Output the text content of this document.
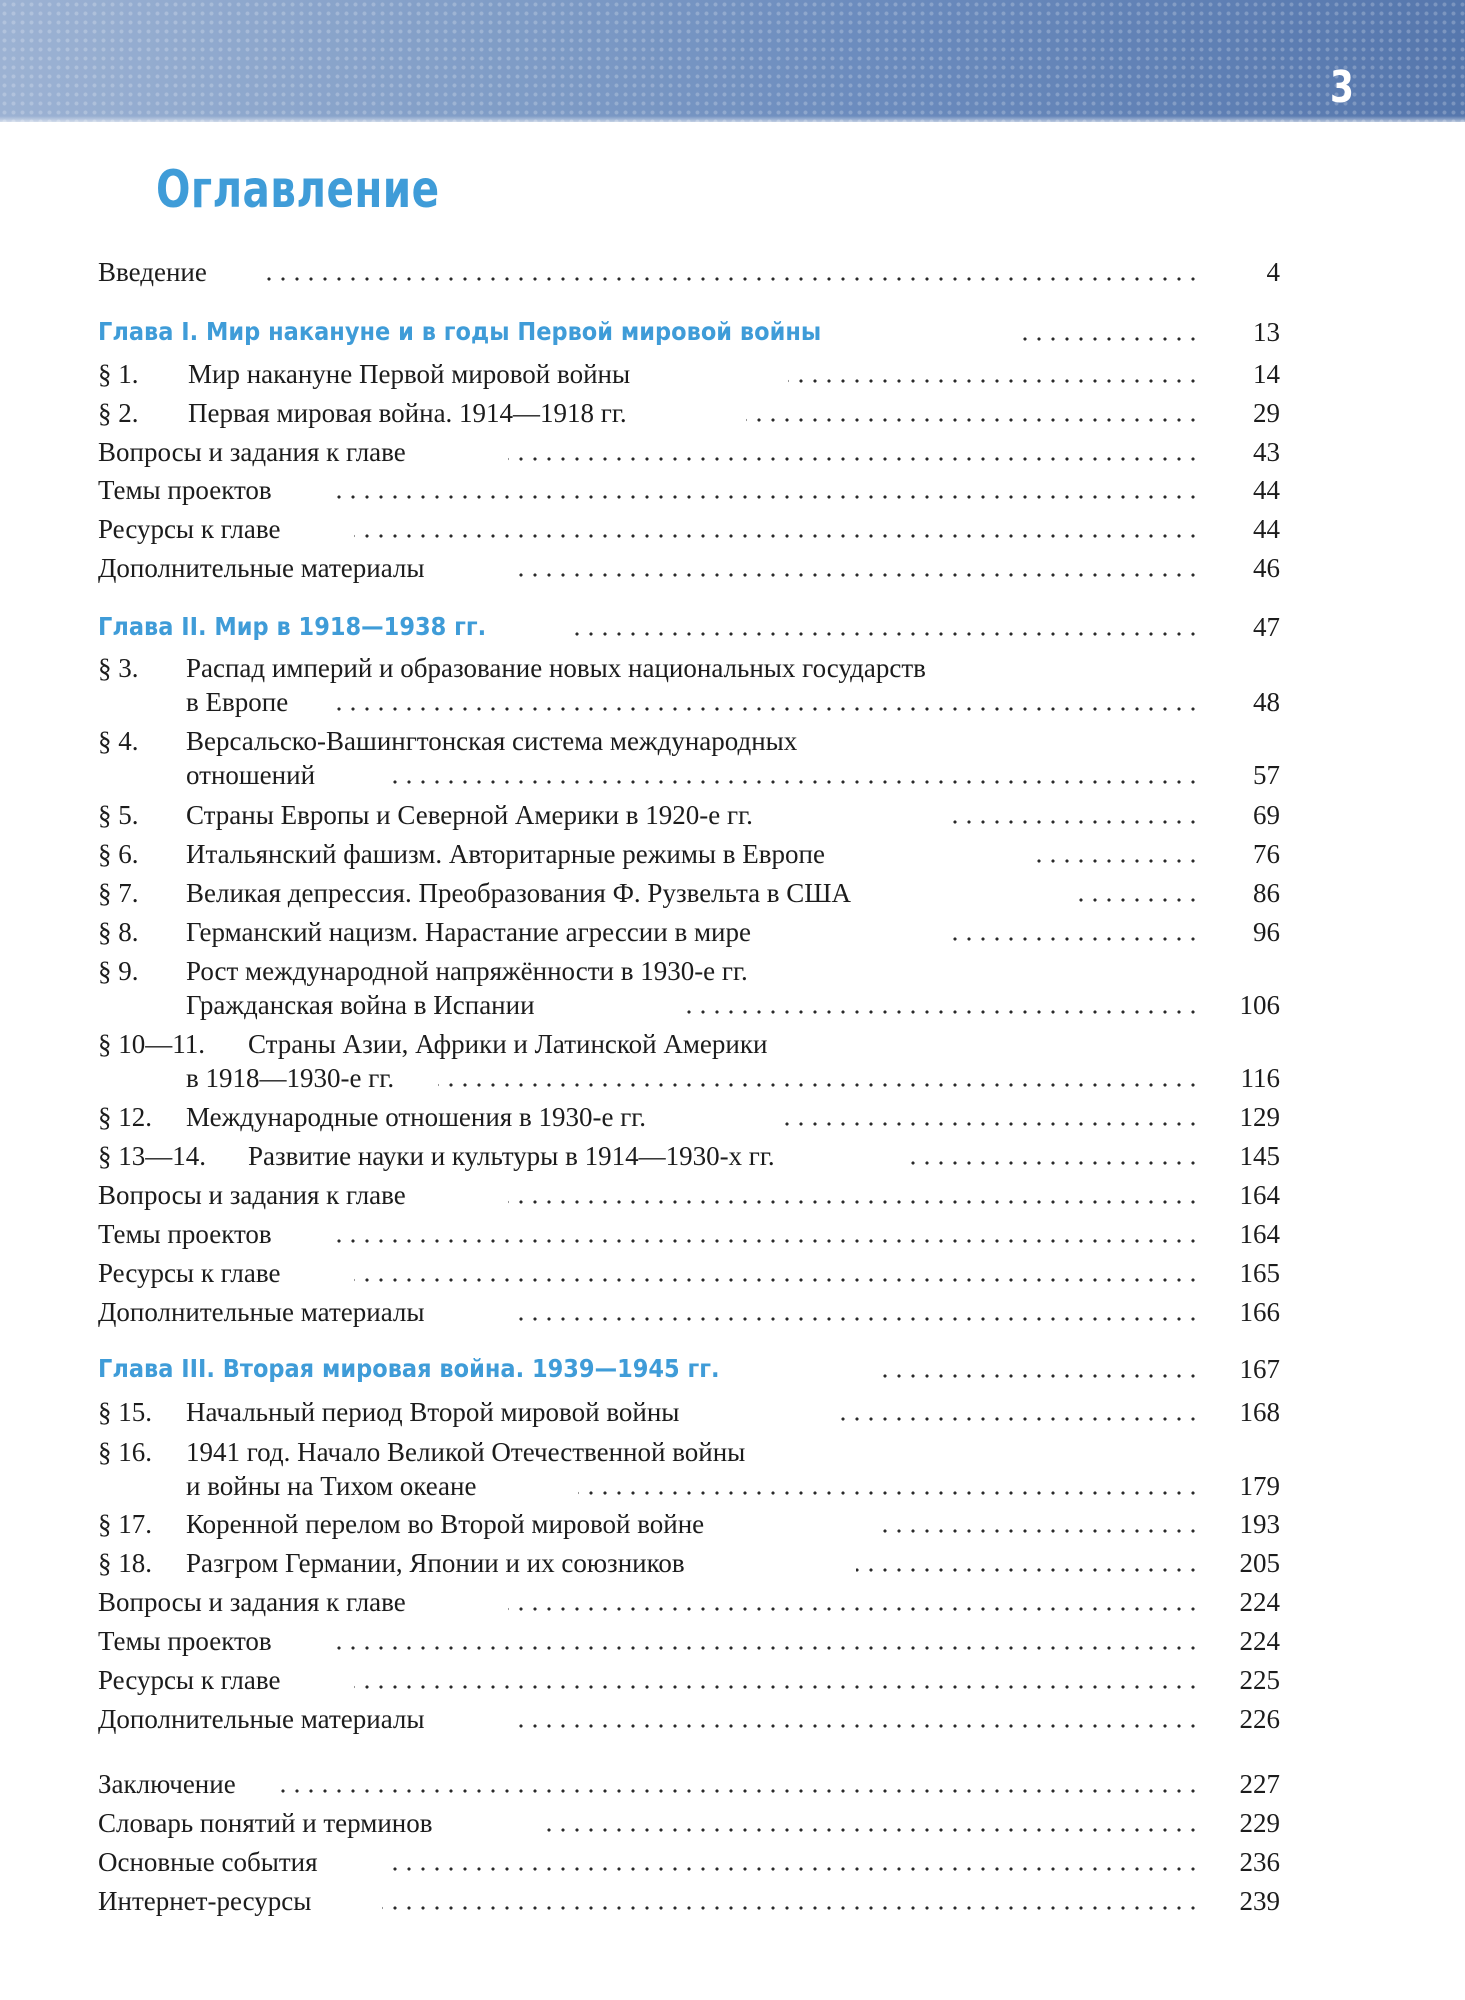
3
Оглавление
Введение	4
Глава I. Мир накануне и в годы Первой мировой войны	13
§ 1. Мир накануне Первой мировой войны	14
§ 2. Первая мировая война. 1914—1918 гг.	29
Вопросы и задания к главе	43
Темы проектов	44
Ресурсы к главе	44
Дополнительные материалы	46
Глава II. Мир в 1918—1938 гг.	47
§ 3. Распад империй и образование новых национальных государств
в Европе	48
§ 4. Версальско-Вашингтонская система международных
отношений	57
§ 5. Страны Европы и Северной Америки в 1920-е гг.	69
§ 6. Итальянский фашизм. Авторитарные режимы в Европе	76
§ 7. Великая депрессия. Преобразования Ф. Рузвельта в США	86
§ 8. Германский нацизм. Нарастание агрессии в мире	96
§ 9. Рост международной напряжённости в 1930-е гг.
Гражданская война в Испании	106
§ 10—11. Страны Азии, Африки и Латинской Америки
в 1918—1930-е гг.	116
§ 12. Международные отношения в 1930-е гг.	129
§ 13—14. Развитие науки и культуры в 1914—1930-х гг.	145
Вопросы и задания к главе	164
Темы проектов	164
Ресурсы к главе	165
Дополнительные материалы	166
Глава III. Вторая мировая война. 1939—1945 гг.	167
§ 15. Начальный период Второй мировой войны	168
§ 16. 1941 год. Начало Великой Отечественной войны
и войны на Тихом океане	179
§ 17. Коренной перелом во Второй мировой войне	193
§ 18. Разгром Германии, Японии и их союзников	205
Вопросы и задания к главе	224
Темы проектов	224
Ресурсы к главе	225
Дополнительные материалы	226
Заключение	227
Словарь понятий и терминов	229
Основные события	236
Интернет-ресурсы	239
